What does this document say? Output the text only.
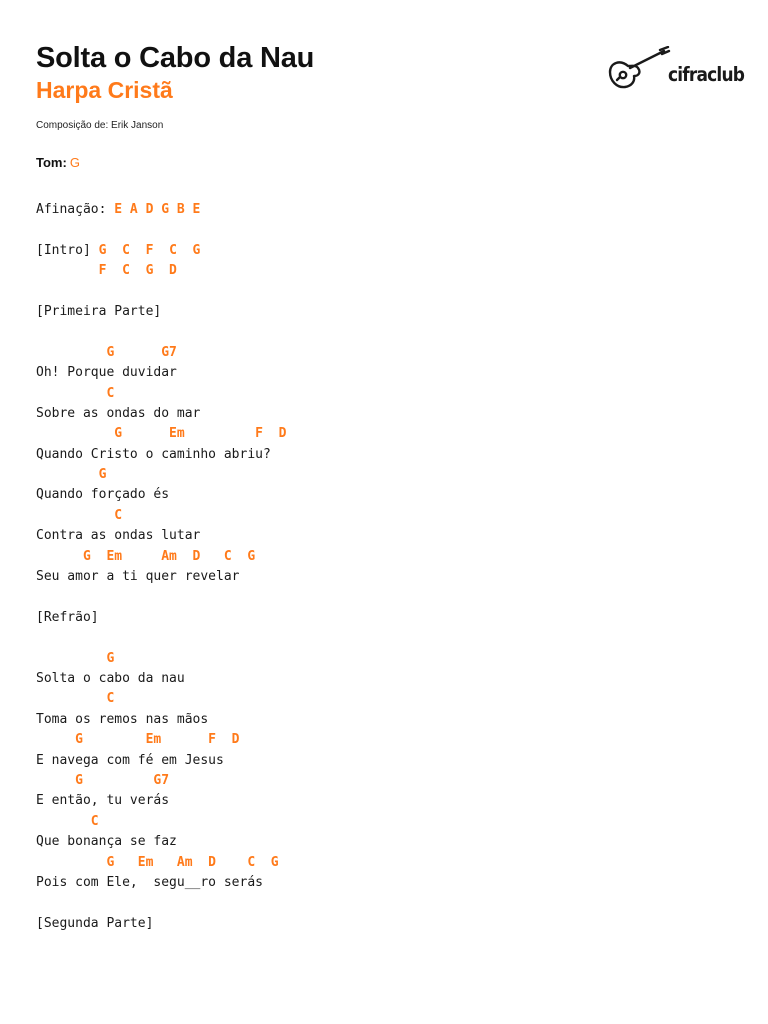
Solta o Cabo da Nau
Harpa Cristã
Composição de: Erik Janson
Tom: G
cifraclub
Afinação: E A D G B E

[Intro] G  C  F  C  G
F  C  G  D

[Primeira Parte]

G      G7
Oh! Porque duvidar
C
Sobre as ondas do mar
G      Em         F  D
Quando Cristo o caminho abriu?
G
Quando forçado és
C
Contra as ondas lutar
G  Em     Am  D   C  G
Seu amor a ti quer revelar

[Refrão]

G
Solta o cabo da nau
C
Toma os remos nas mãos
G        Em      F  D
E navega com fé em Jesus
G         G7
E então, tu verás
C
Que bonança se faz
G   Em   Am  D    C  G
Pois com Ele,  segu__ro serás

[Segunda Parte]
